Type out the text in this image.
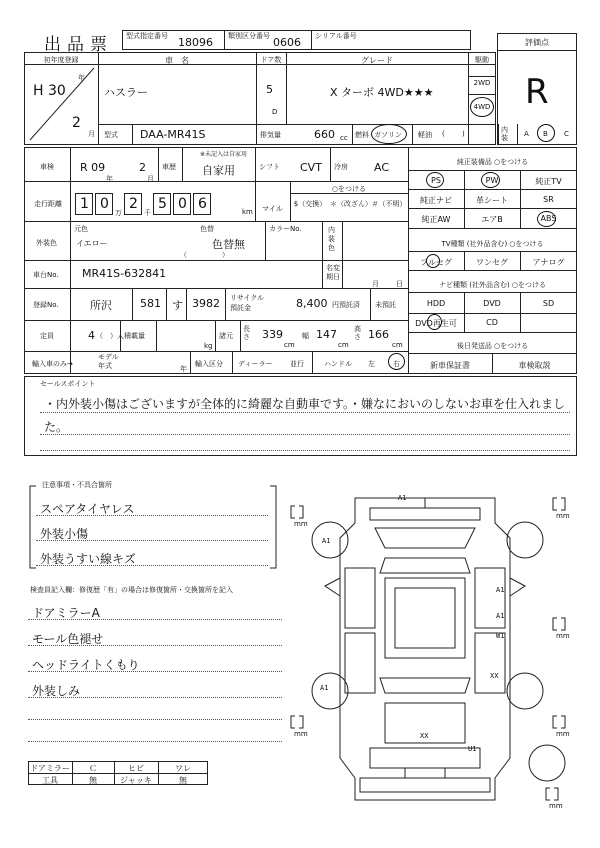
出品票 型式指定番号 18096 類別区分番号 0606 シリアル番号
評価点
R
初年度登録
年
H 30
2
月
車　名
ハスラー
ドア数
5
D
グレード
X ターボ 4WD★★★
駆動
2WD
4WD
型式 DAA-MR41S	排気量	660 cc 燃料 ガソリン 軽油 ( )	内装	A B C
車検 R 09
年
2
月
車歴
※未記入は自家用
自家用	シフト CVT 冷房 AC
走行距離 1 0 2 5 0 6
万	千	km マイル
○をつける
$（交換） ＊（改ざん） ＃（不明）
外装色
元色
イエロー
色替
色替無
（　　　　　）
カラーNo.	内装色
車台No. MR41S-632841	名変期日
月 日
登録No.	所沢	581 す 3982 リサイクル預託金	8,400 円預託済 未預託
定員	4 （　）人 積載量
kg
諸元
長さ 339
cm
幅 147
cm
高さ 166
cm
輸入車のみ→
モデル年式	年
輸入区分 ディーラー	並行	ハンドル 左	右
純正装備品 ○をつける
PS	PW	純正TV
純正ナビ	革シート	SR
純正AW	エアB	ABS
TV種類 (社外品含む) ○をつける
フルセグ	ワンセグ	アナログ
ナビ種類 (社外品含む) ○をつける
HDD	DVD	SD
DVD再生可	CD
後日発送品 ○をつける
新車保証書	車検取説
セールスポイント
・内外装小傷はございますが全体的に綺麗な自動車です。・嫌なにおいのしないお車を仕入れまし
た。
注意事項・不具合箇所
スペアタイヤレス
外装小傷
外装うすい線キズ
検査員記入欄：修復歴「有」の場合は修復箇所・交換箇所を記入
ドアミラーA
モール色褪せ
ヘッドライトくもり
外装しみ
ドアミラー	Ｃ	ヒビ	ワレ
工具	無	ジャッキ	無
mm
mm
mm
mm	mm
mm
A1
A1
A1
A1
W1
XX
A1
XX
U1
